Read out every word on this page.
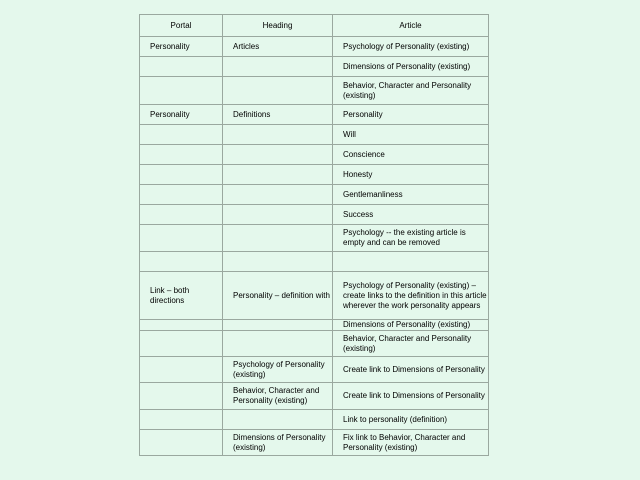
Portal	Heading	Article
Personality	Articles	Psychology of Personality (existing)
		Dimensions of Personality (existing)
		Behavior, Character and Personality (existing)
Personality	Definitions	Personality
		Will
		Conscience
		Honesty
		Gentlemanliness
		Success
		Psychology -- the existing article is empty and can be removed

Link – both directions	Personality – definition with	Psychology of Personality (existing) – create links to the definition in this article wherever the work personality appears
		Dimensions of Personality (existing)
		Behavior, Character and Personality (existing)
	Psychology of Personality (existing)	Create link to Dimensions of Personality
	Behavior, Character and Personality (existing)	Create link to Dimensions of Personality
		Link to personality (definition)
	Dimensions of Personality (existing)	Fix link to Behavior, Character and Personality (existing)
